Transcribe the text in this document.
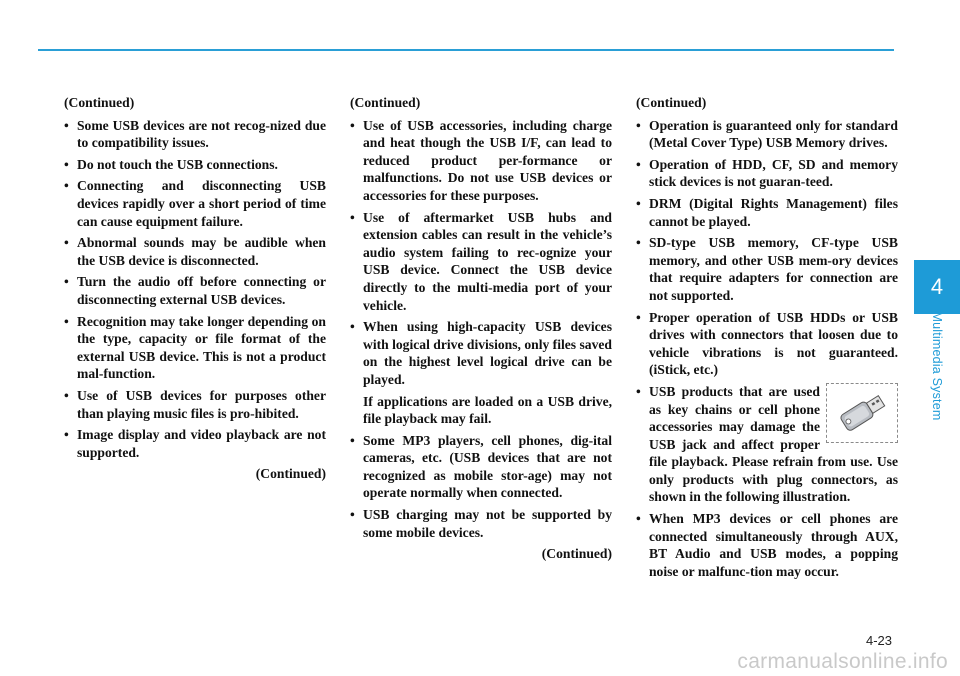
(Continued)

• Some USB devices are not recog-nized due to compatibility issues.
• Do not touch the USB connections.
• Connecting and disconnecting USB devices rapidly over a short period of time can cause equipment failure.
• Abnormal sounds may be audible when the USB device is disconnected.
• Turn the audio off before connecting or disconnecting external USB devices.
• Recognition may take longer depending on the type, capacity or file format of the external USB device. This is not a product mal-function.
• Use of USB devices for purposes other than playing music files is pro-hibited.
• Image display and video playback are not supported.

(Continued)

(Continued)

• Use of USB accessories, including charge and heat though the USB I/F, can lead to reduced product per-formance or malfunctions. Do not use USB devices or accessories for these purposes.
• Use of aftermarket USB hubs and extension cables can result in the vehicle’s audio system failing to rec-ognize your USB device. Connect the USB device directly to the multi-media port of your vehicle.

• When using high-capacity USB devices with logical drive divisions, only files saved on the highest level logical drive can be played.

If applications are loaded on a USB drive, file playback may fail.

• Some MP3 players, cell phones, dig-ital cameras, etc. (USB devices that are not recognized as mobile stor-age) may not operate normally when connected.
• USB charging may not be supported by some mobile devices.

(Continued)

(Continued)

• Operation is guaranteed only for standard (Metal Cover Type) USB Memory drives.
• Operation of HDD, CF, SD and memory stick devices is not guaran-teed.
• DRM (Digital Rights Management) files cannot be played.
• SD-type USB memory, CF-type USB memory, and other USB mem-ory devices that require adapters for connection are not supported.
• Proper operation of USB HDDs or USB drives with connectors that loosen due to vehicle vibrations is not guaranteed. (iStick, etc.)
• USB products that are used as key chains or cell phone accessories may damage the USB jack and affect proper file playback. Please refrain from use. Use only products with plug connectors, as shown in the following illustration.
• When MP3 devices or cell phones are connected simultaneously through AUX, BT Audio and USB modes, a popping noise or malfunc-tion may occur.
4
Multimedia System
4-23
carmanualsonline.info
